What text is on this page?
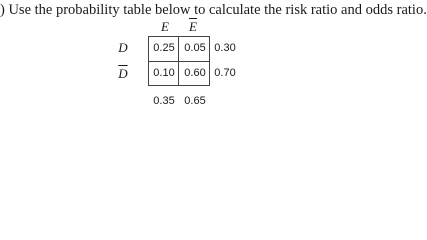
) Use the probability table below to calculate the risk ratio and odds ratio.
E	$\overline{E}$
D
$\overline{D}$
0.25 0.05
0.10 0.60
0.30
0.70
0.35 0.65
